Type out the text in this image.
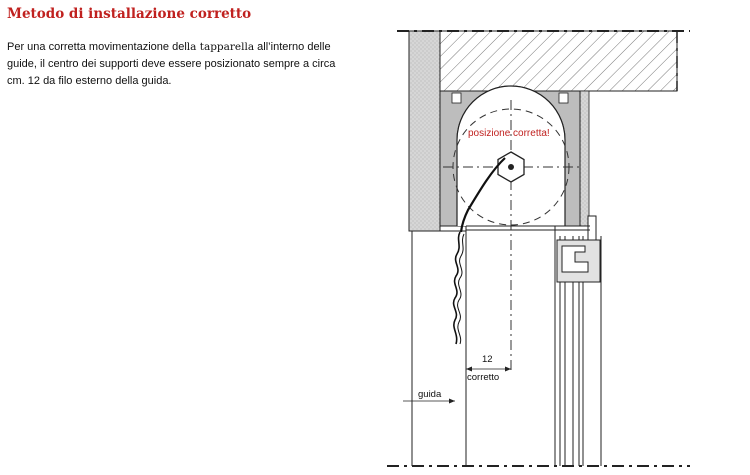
Metodo di installazione corretto

Per una corretta movimentazione della tapparella all’interno delle guide, il centro dei supporti deve essere posizionato sempre a circa cm. 12 da filo esterno della guida.

posizione corretta!
12
corretto
guida
